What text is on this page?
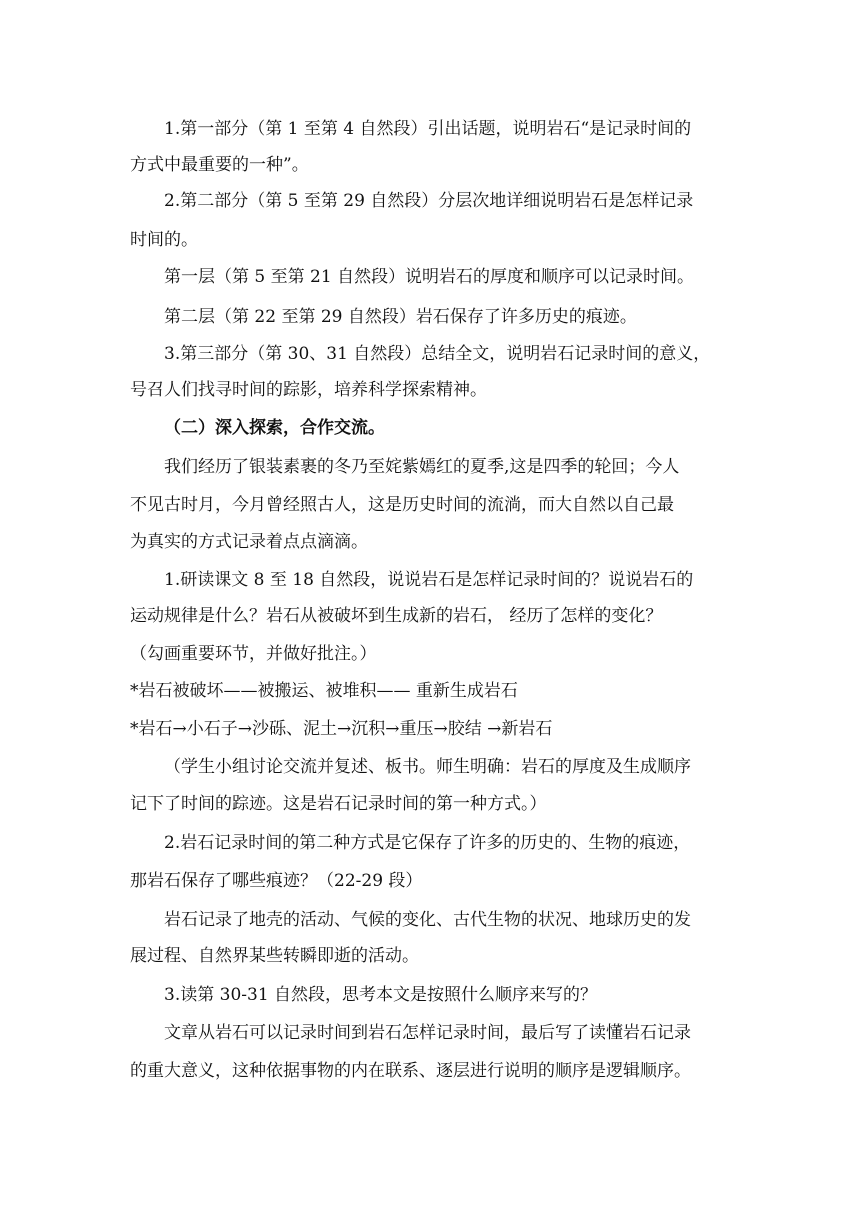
1.第一部分（第 1 至第 4 自然段）引出话题，说明岩石“是记录时间的
方式中最重要的一种”。
2.第二部分（第 5 至第 29 自然段）分层次地详细说明岩石是怎样记录
时间的。
第一层（第 5 至第 21 自然段）说明岩石的厚度和顺序可以记录时间。
第二层（第 22 至第 29 自然段）岩石保存了许多历史的痕迹。
3.第三部分（第 30、31 自然段）总结全文，说明岩石记录时间的意义，
号召人们找寻时间的踪影，培养科学探索精神。
（二）深入探索，合作交流。
我们经历了银装素裹的冬乃至姹紫嫣红的夏季,这是四季的轮回；今人
不见古时月，今月曾经照古人，这是历史时间的流淌，而大自然以自己最
为真实的方式记录着点点滴滴。
1.研读课文 8 至 18 自然段，说说岩石是怎样记录时间的？说说岩石的
运动规律是什么？岩石从被破坏到生成新的岩石， 经历了怎样的变化？
（勾画重要环节，并做好批注。）
*岩石被破坏——被搬运、被堆积—— 重新生成岩石
*岩石→小石子→沙砾、泥土→沉积→重压→胶结 →新岩石
（学生小组讨论交流并复述、板书。师生明确：岩石的厚度及生成顺序
记下了时间的踪迹。这是岩石记录时间的第一种方式。）
2.岩石记录时间的第二种方式是它保存了许多的历史的、生物的痕迹，
那岩石保存了哪些痕迹？（22-29 段）
岩石记录了地壳的活动、气候的变化、古代生物的状况、地球历史的发
展过程、自然界某些转瞬即逝的活动。
3.读第 30-31 自然段，思考本文是按照什么顺序来写的？
文章从岩石可以记录时间到岩石怎样记录时间，最后写了读懂岩石记录
的重大意义，这种依据事物的内在联系、逐层进行说明的顺序是逻辑顺序。
